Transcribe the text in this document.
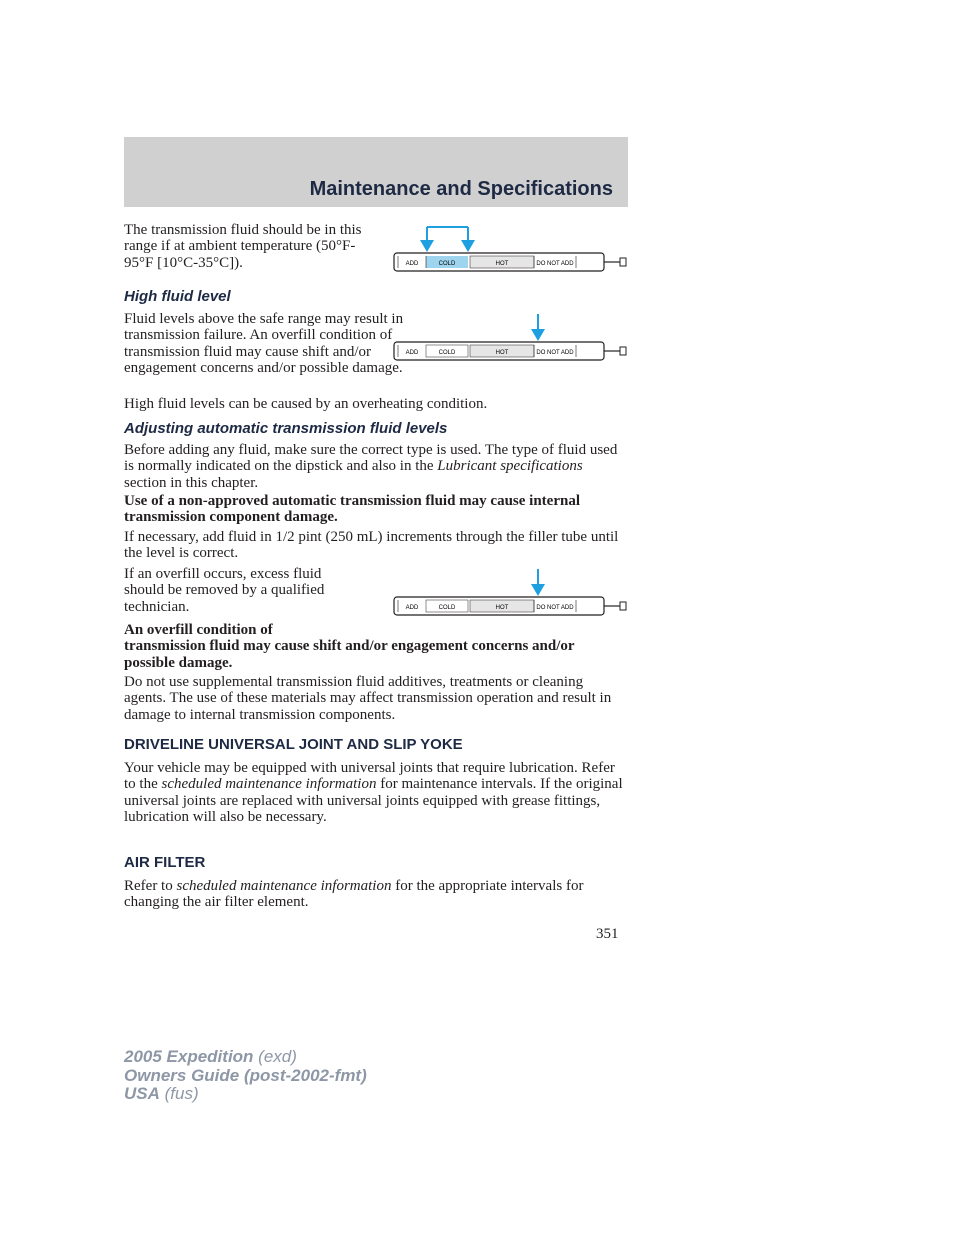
Maintenance and Specifications
The transmission fluid should be in this range if at ambient temperature (50°F-95°F [10°C-35°C]).	ADD	COLD	HOT	DO NOT ADD
High fluid level
Fluid levels above the safe range may result in transmission failure. An overfill condition of transmission fluid may cause shift and/or engagement concerns and/or possible damage.
ADD	COLD	HOT	DO NOT ADD
High fluid levels can be caused by an overheating condition.
Adjusting automatic transmission fluid levels
Before adding any fluid, make sure the correct type is used. The type of fluid used is normally indicated on the dipstick and also in the Lubricant specifications section in this chapter.
Use of a non-approved automatic transmission fluid may cause internal transmission component damage.
If necessary, add fluid in 1/2 pint (250 mL) increments through the filler tube until the level is correct.
If an overfill occurs, excess fluid should be removed by a qualified technician.	ADD	COLD	HOT	DO NOT ADD
An overfill condition of
transmission fluid may cause shift and/or engagement concerns and/or possible damage.
Do not use supplemental transmission fluid additives, treatments or cleaning agents. The use of these materials may affect transmission operation and result in damage to internal transmission components.
DRIVELINE UNIVERSAL JOINT AND SLIP YOKE
Your vehicle may be equipped with universal joints that require lubrication. Refer to the scheduled maintenance information for maintenance intervals. If the original universal joints are replaced with universal joints equipped with grease fittings, lubrication will also be necessary.
AIR FILTER
Refer to scheduled maintenance information for the appropriate intervals for changing the air filter element.
351
2005 Expedition (exd)
Owners Guide (post-2002-fmt)
USA (fus)
